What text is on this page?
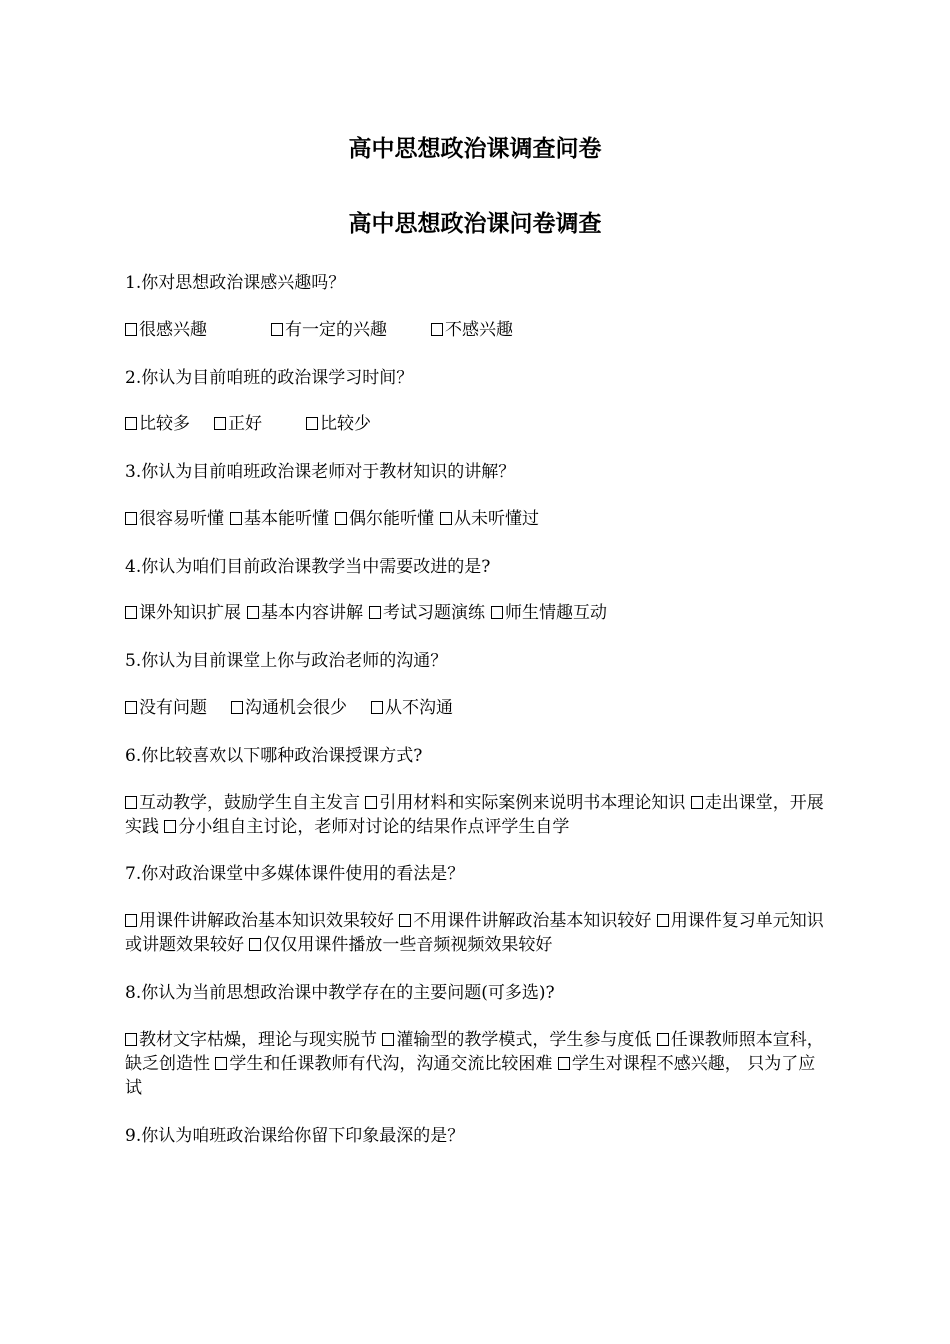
高中思想政治课调查问卷
高中思想政治课问卷调查

1.你对思想政治课感兴趣吗？

很感兴趣	有一定的兴趣	不感兴趣

2.你认为目前咱班的政治课学习时间？

比较多 正好	比较少

3.你认为目前咱班政治课老师对于教材知识的讲解？

很容易听懂 基本能听懂 偶尔能听懂 从未听懂过

4.你认为咱们目前政治课教学当中需要改进的是?

课外知识扩展 基本内容讲解 考试习题演练 师生情趣互动

5.你认为目前课堂上你与政治老师的沟通？

没有问题 沟通机会很少 从不沟通

6.你比较喜欢以下哪种政治课授课方式?

互动教学，鼓励学生自主发言 引用材料和实际案例来说明书本理论知识 走出课堂，开展实践 分小组自主讨论，老师对讨论的结果作点评学生自学

7.你对政治课堂中多媒体课件使用的看法是？

用课件讲解政治基本知识效果较好 不用课件讲解政治基本知识较好 用课件复习单元知识或讲题效果较好 仅仅用课件播放一些音频视频效果较好

8.你认为当前思想政治课中教学存在的主要问题(可多选)?

教材文字枯燥，理论与现实脱节 灌输型的教学模式，学生参与度低 任课教师照本宣科，缺乏创造性 学生和任课教师有代沟，沟通交流比较困难 学生对课程不感兴趣， 只为了应试

9.你认为咱班政治课给你留下印象最深的是？
